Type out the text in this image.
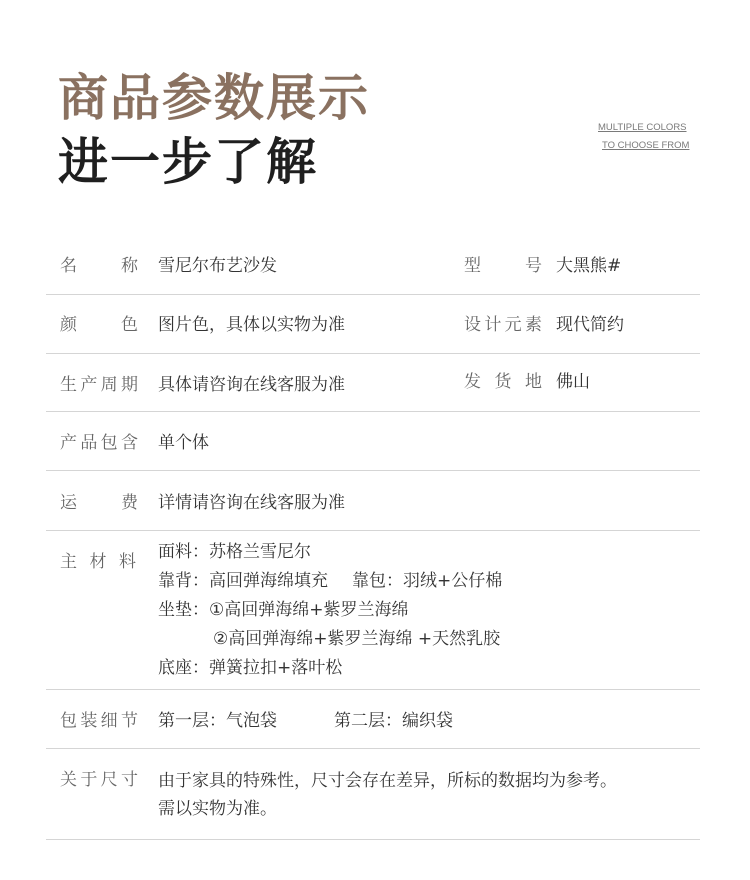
商品参数展示
进一步了解
MULTIPLE COLORS
TO CHOOSE FROM
名	称 雪尼尔布艺沙发	型	号 大黑熊#
颜	色 图片色，具体以实物为准	设 计 元 素 现代简约
生 产 周 期 具体请咨询在线客服为准	发 货 地 佛山
产 品 包 含 单个体
运	费 详情请咨询在线客服为准
主 材 料 面料：苏格兰雪尼尔
靠背：高回弹海绵填充 靠包：羽绒+公仔棉
坐垫：①高回弹海绵+紫罗兰海绵
②高回弹海绵+紫罗兰海绵 +天然乳胶
底座：弹簧拉扣+落叶松
包 装 细 节 第一层：气泡袋	第二层：编织袋
关 于 尺 寸 由于家具的特殊性，尺寸会存在差异，所标的数据均为参考。
需以实物为准。
